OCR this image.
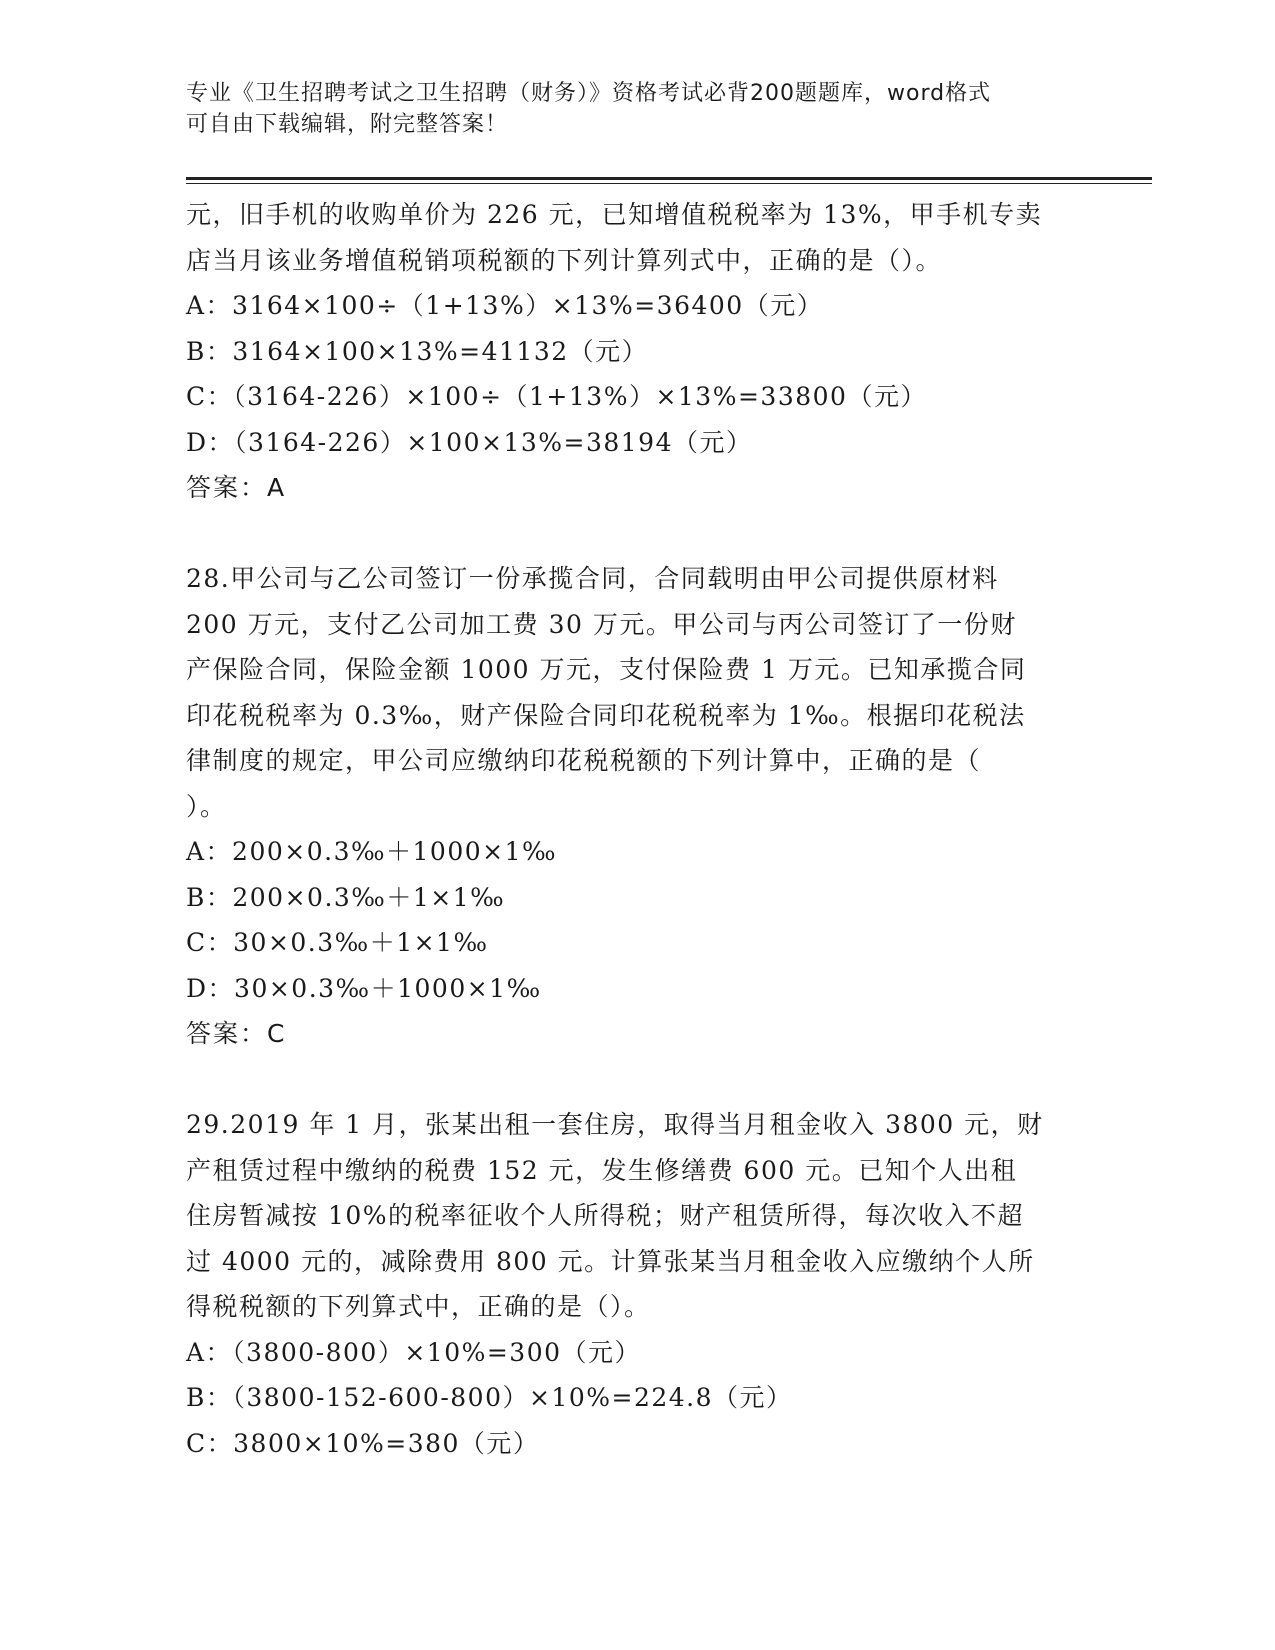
专业《卫生招聘考试之卫生招聘（财务）》资格考试必背200题题库，word格式
可自由下载编辑，附完整答案！
元，旧手机的收购单价为 226 元，已知增值税税率为 13%，甲手机专卖
店当月该业务增值税销项税额的下列计算列式中，正确的是（）。
A：3164×100÷（1+13%）×13%=36400（元）
B：3164×100×13%=41132（元）
C：（3164-226）×100÷（1+13%）×13%=33800（元）
D：（3164-226）×100×13%=38194（元）
答案：A
28.甲公司与乙公司签订一份承揽合同，合同载明由甲公司提供原材料
200 万元，支付乙公司加工费 30 万元。甲公司与丙公司签订了一份财
产保险合同，保险金额 1000 万元，支付保险费 1 万元。已知承揽合同
印花税税率为 0.3‰，财产保险合同印花税税率为 1‰。根据印花税法
律制度的规定，甲公司应缴纳印花税税额的下列计算中，正确的是（
）。
A：200×0.3‰＋1000×1‰
B：200×0.3‰＋1×1‰
C：30×0.3‰＋1×1‰
D：30×0.3‰＋1000×1‰
答案：C
29.2019 年 1 月，张某出租一套住房，取得当月租金收入 3800 元，财
产租赁过程中缴纳的税费 152 元，发生修缮费 600 元。已知个人出租
住房暂减按 10%的税率征收个人所得税；财产租赁所得，每次收入不超
过 4000 元的，减除费用 800 元。计算张某当月租金收入应缴纳个人所
得税税额的下列算式中，正确的是（）。
A：（3800-800）×10%=300（元）
B：（3800-152-600-800）×10%=224.8（元）
C：3800×10%=380（元）
